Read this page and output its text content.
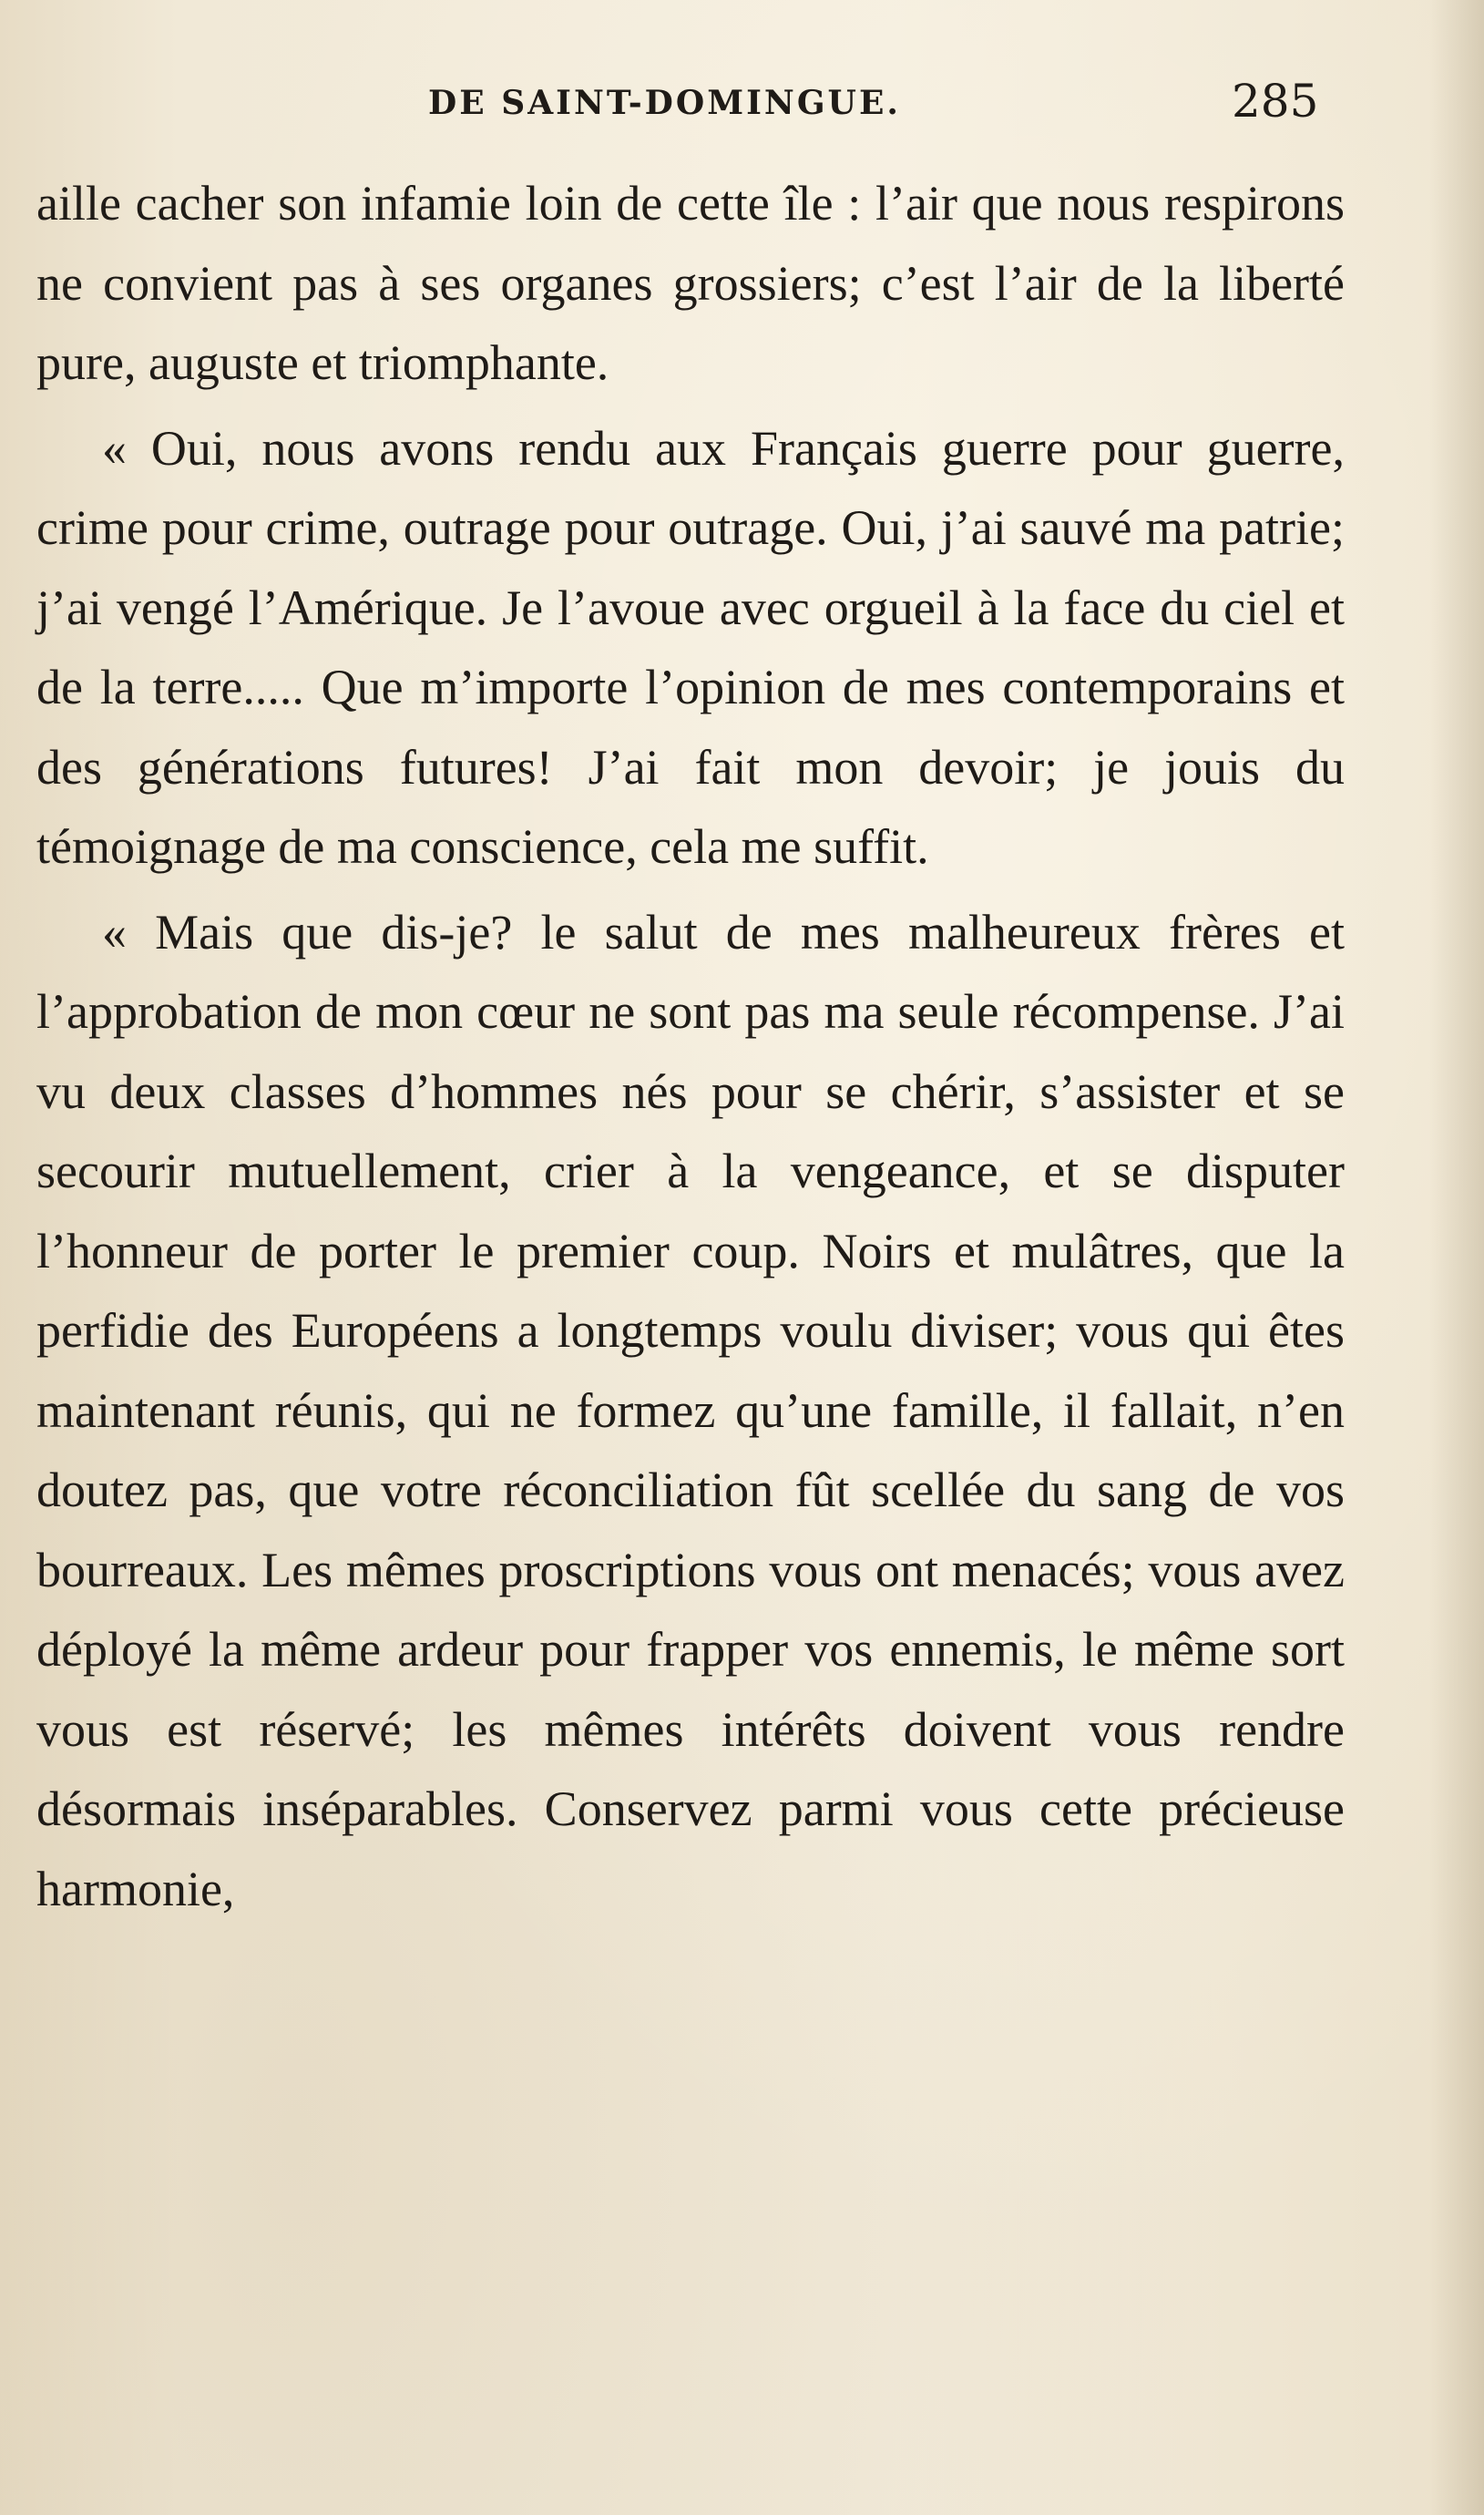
DE SAINT-DOMINGUE.	285

aille cacher son infamie loin de cette île : l’air que nous respirons ne convient pas à ses organes grossiers; c’est l’air de la liberté pure, auguste et triomphante.

« Oui, nous avons rendu aux Français guerre pour guerre, crime pour crime, outrage pour outrage. Oui, j’ai sauvé ma patrie; j’ai vengé l’Amérique. Je l’avoue avec orgueil à la face du ciel et de la terre..... Que m’importe l’opinion de mes contemporains et des générations futures! J’ai fait mon devoir; je jouis du témoignage de ma conscience, cela me suffit.

« Mais que dis-je? le salut de mes malheureux frères et l’approbation de mon cœur ne sont pas ma seule récompense. J’ai vu deux classes d’hommes nés pour se chérir, s’assister et se secourir mutuellement, crier à la vengeance, et se disputer l’honneur de porter le premier coup. Noirs et mulâtres, que la perfidie des Européens a longtemps voulu diviser; vous qui êtes maintenant réunis, qui ne formez qu’une famille, il fallait, n’en doutez pas, que votre réconciliation fût scellée du sang de vos bourreaux. Les mêmes proscriptions vous ont menacés; vous avez déployé la même ardeur pour frapper vos ennemis, le même sort vous est réservé; les mêmes intérêts doivent vous rendre désormais inséparables. Conservez parmi vous cette précieuse harmonie,
